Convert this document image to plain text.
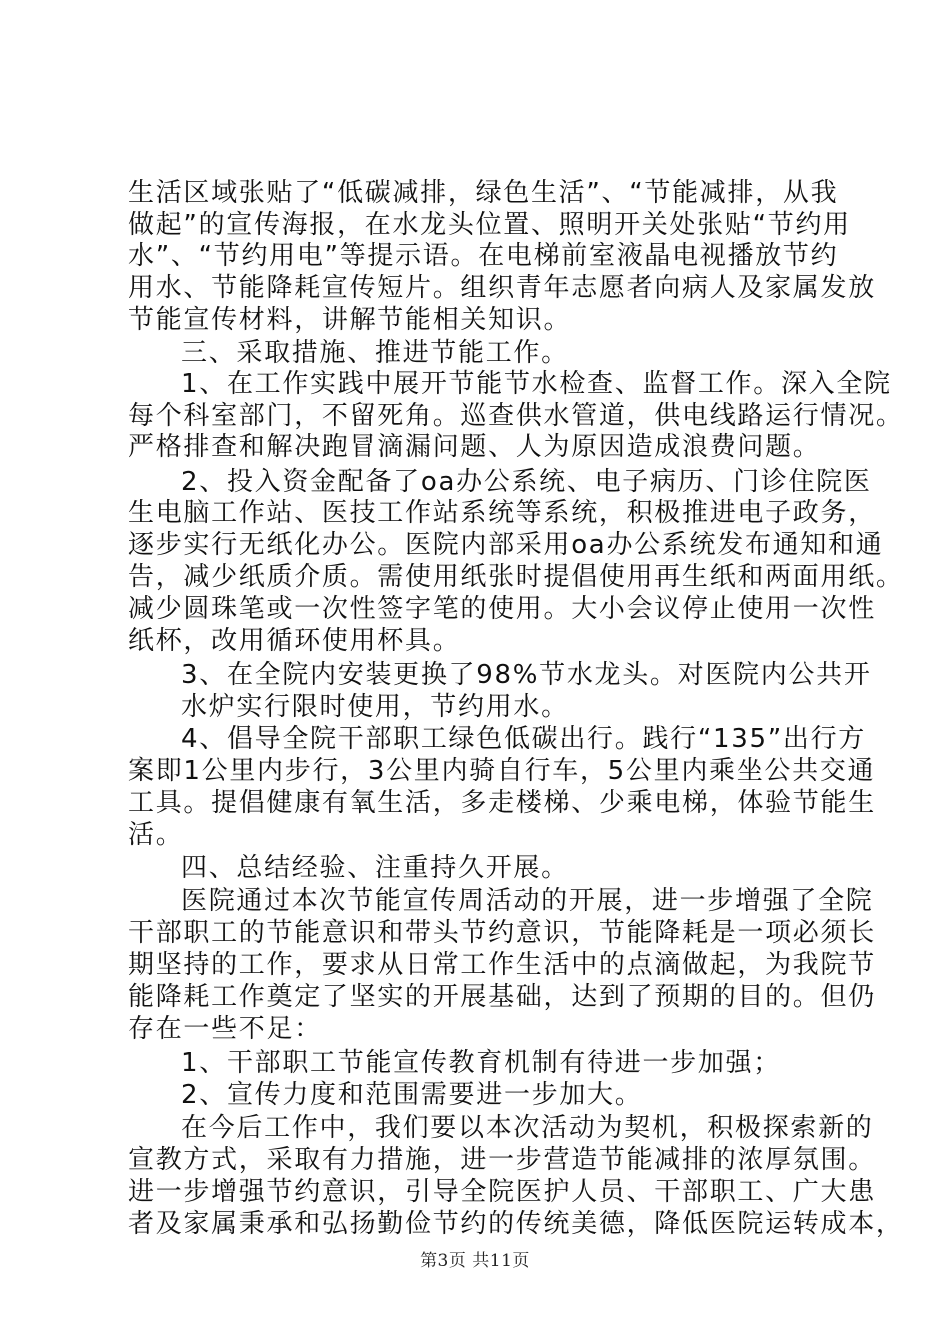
生活区域张贴了“低碳减排，绿色生活”、“节能减排，从我
做起”的宣传海报，在水龙头位置、照明开关处张贴“节约用
水”、“节约用电”等提示语。在电梯前室液晶电视播放节约
用水、节能降耗宣传短片。组织青年志愿者向病人及家属发放
节能宣传材料，讲解节能相关知识。
三、采取措施、推进节能工作。
1、在工作实践中展开节能节水检查、监督工作。深入全院
每个科室部门，不留死角。巡查供水管道，供电线路运行情况。
严格排查和解决跑冒滴漏问题、人为原因造成浪费问题。
2、投入资金配备了oa办公系统、电子病历、门诊住院医
生电脑工作站、医技工作站系统等系统，积极推进电子政务，
逐步实行无纸化办公。医院内部采用oa办公系统发布通知和通
告，减少纸质介质。需使用纸张时提倡使用再生纸和两面用纸。
减少圆珠笔或一次性签字笔的使用。大小会议停止使用一次性
纸杯，改用循环使用杯具。
3、在全院内安装更换了98%节水龙头。对医院内公共开
水炉实行限时使用，节约用水。
4、倡导全院干部职工绿色低碳出行。践行“135”出行方
案即1公里内步行，3公里内骑自行车，5公里内乘坐公共交通
工具。提倡健康有氧生活，多走楼梯、少乘电梯，体验节能生
活。
四、总结经验、注重持久开展。
医院通过本次节能宣传周活动的开展，进一步增强了全院
干部职工的节能意识和带头节约意识，节能降耗是一项必须长
期坚持的工作，要求从日常工作生活中的点滴做起，为我院节
能降耗工作奠定了坚实的开展基础，达到了预期的目的。但仍
存在一些不足：
1、干部职工节能宣传教育机制有待进一步加强；
2、宣传力度和范围需要进一步加大。
在今后工作中，我们要以本次活动为契机，积极探索新的
宣教方式，采取有力措施，进一步营造节能减排的浓厚氛围。
进一步增强节约意识，引导全院医护人员、干部职工、广大患
者及家属秉承和弘扬勤俭节约的传统美德，降低医院运转成本，
第3页 共11页
